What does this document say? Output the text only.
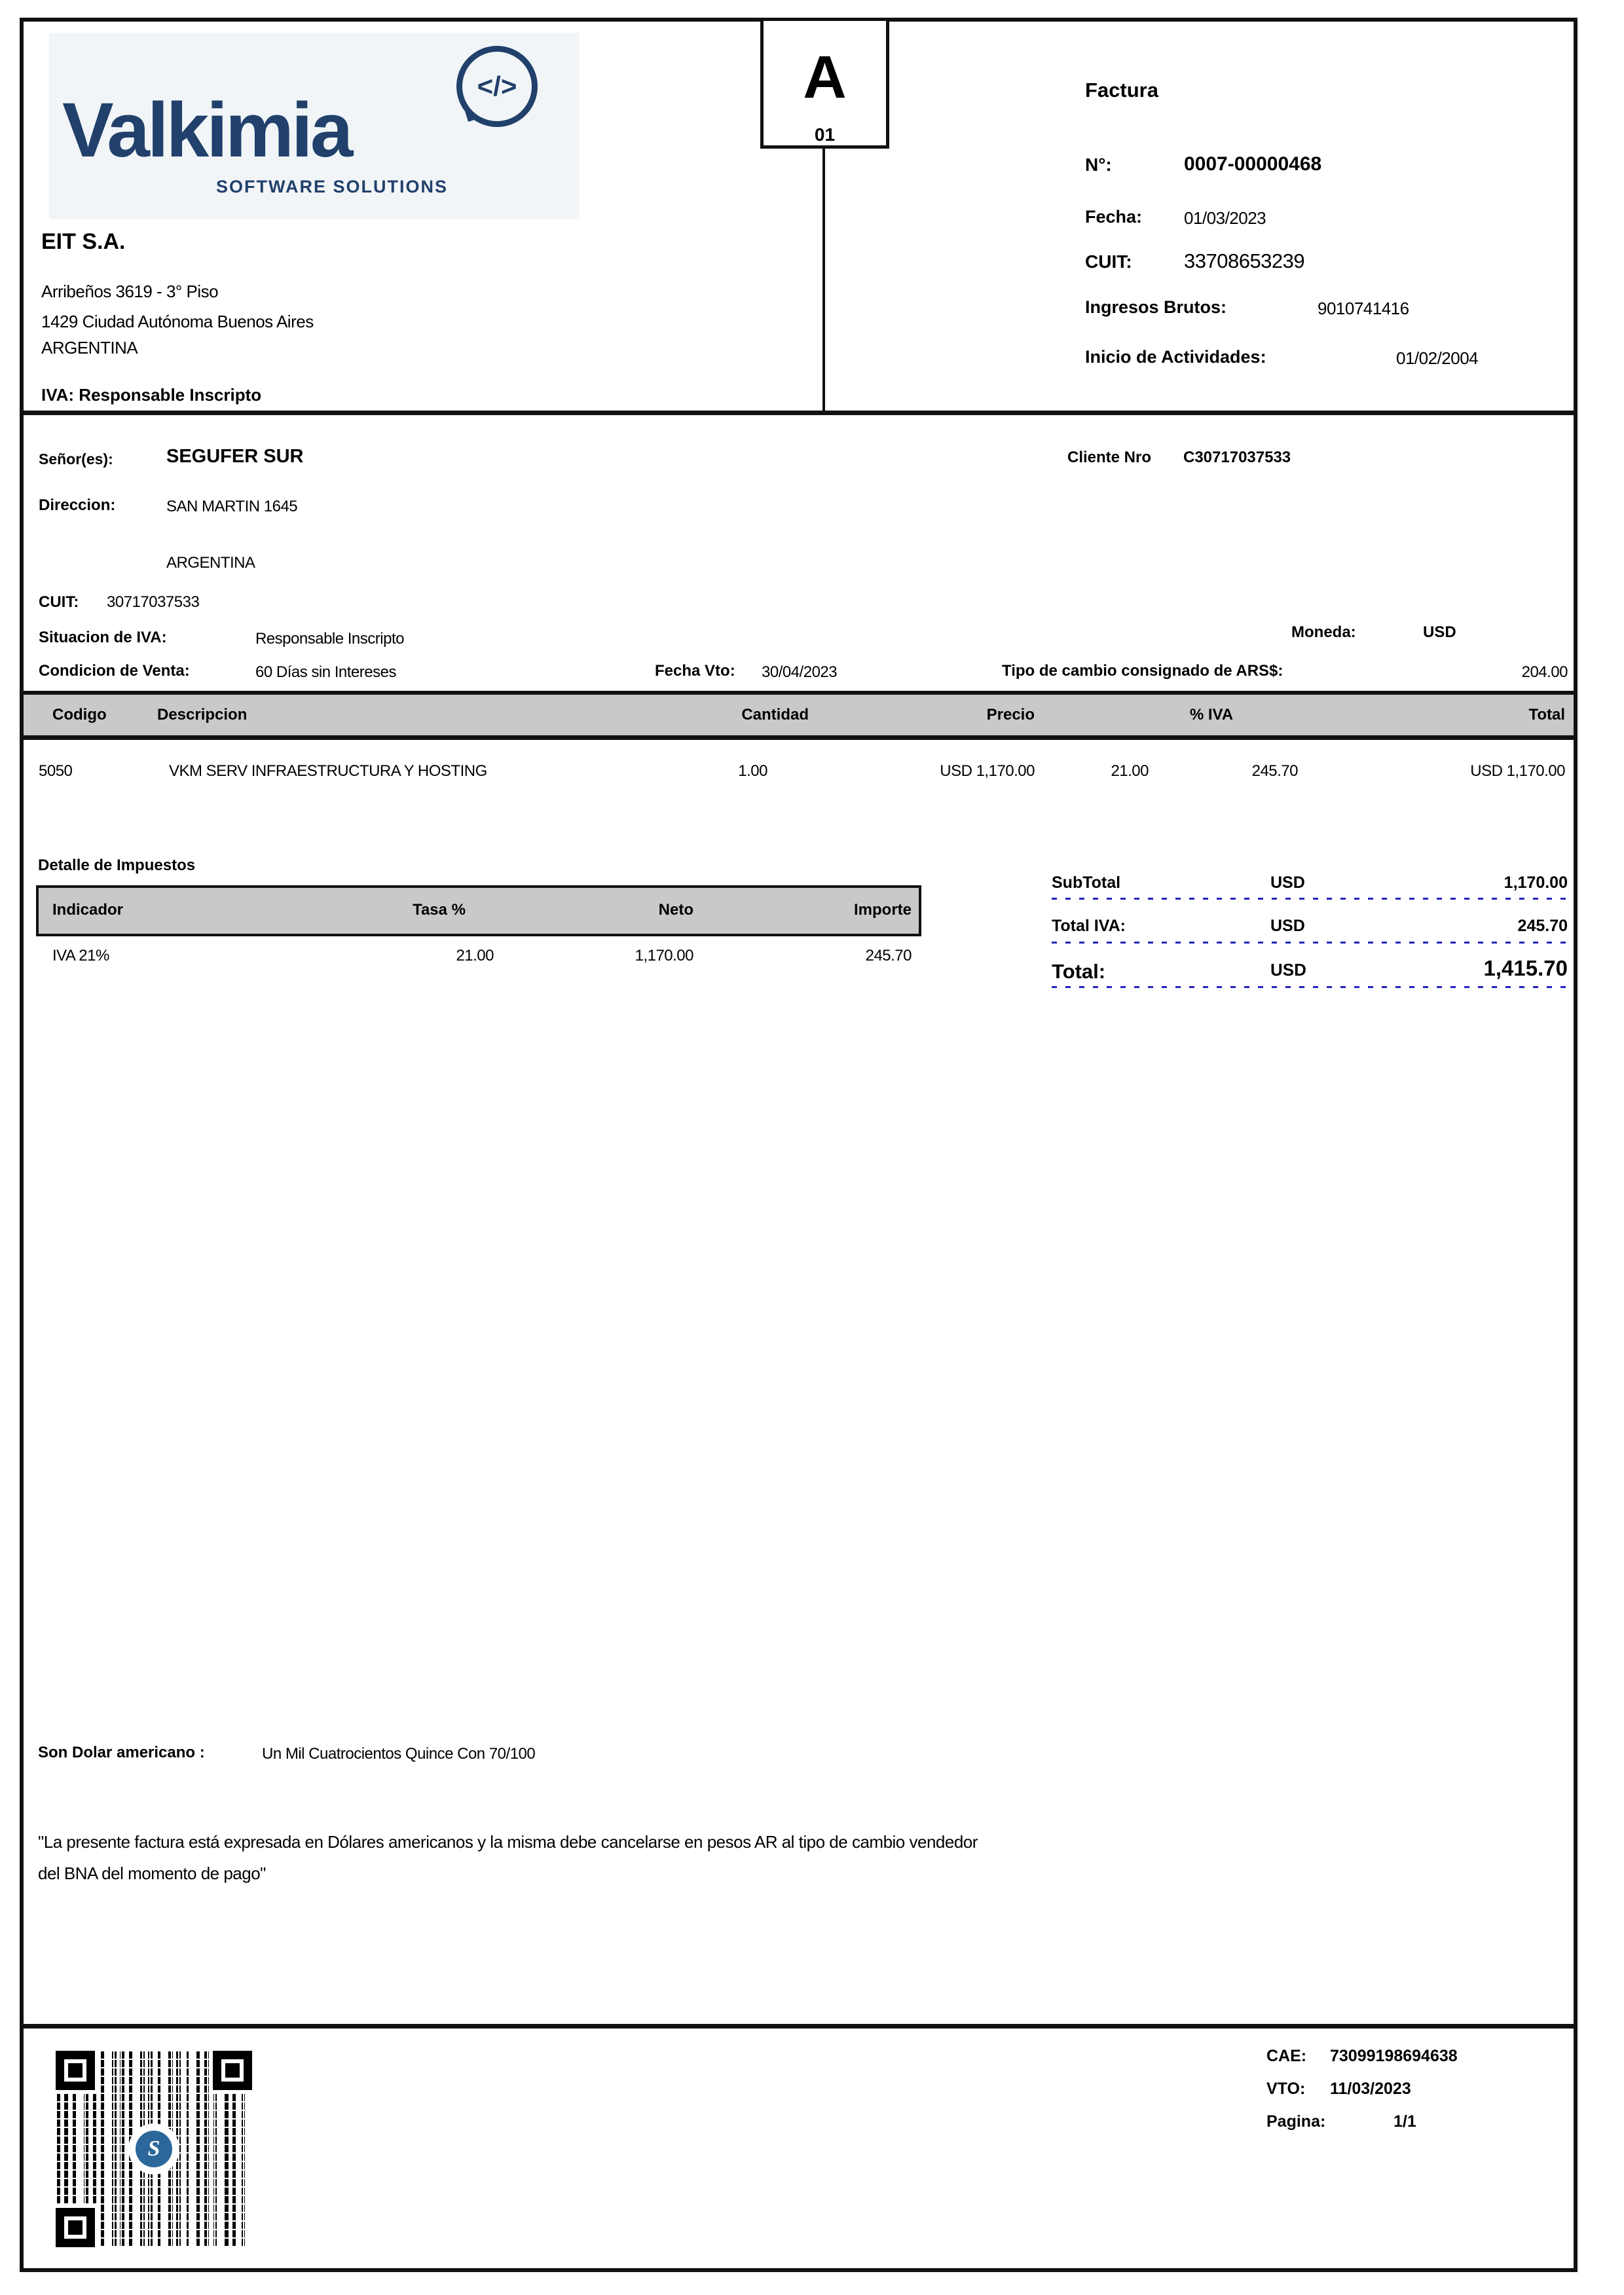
Valkimia
</>
SOFTWARE SOLUTIONS
EIT S.A.
Arribeños 3619 - 3° Piso
1429 Ciudad Autónoma Buenos Aires
ARGENTINA
IVA: Responsable Inscripto
A
01
Factura
N°:	0007-00000468
Fecha: 01/03/2023
CUIT:	33708653239
Ingresos Brutos:	9010741416
Inicio de Actividades:	01/02/2004
Señor(es):	SEGUFER SUR	Cliente Nro C30717037533
Direccion:	SAN MARTIN 1645
ARGENTINA
CUIT: 30717037533
Situacion de IVA:	Responsable Inscripto
Condicion de Venta:	60 Días sin Intereses	Fecha Vto: 30/04/2023
Moneda:	USD
Tipo de cambio consignado de ARS$:	204.00
Codigo	Descripcion	Cantidad	Precio	% IVA	Total
5050	VKM SERV INFRAESTRUCTURA Y HOSTING	1.00	USD 1,170.00	21.00	245.70	USD 1,170.00
Detalle de Impuestos
Indicador	Tasa %	Neto	Importe
IVA 21%	21.00	1,170.00	245.70
SubTotal	USD	1,170.00
Total IVA:	USD	245.70
Total:	USD	1,415.70
Son Dolar americano :	Un Mil Cuatrocientos Quince Con 70/100
"La presente factura está expresada en Dólares americanos y la misma debe cancelarse en pesos AR al tipo de cambio vendedor
del BNA del momento de pago"
S
CAE: 73099198694638
VTO: 11/03/2023
Pagina:	1/1
